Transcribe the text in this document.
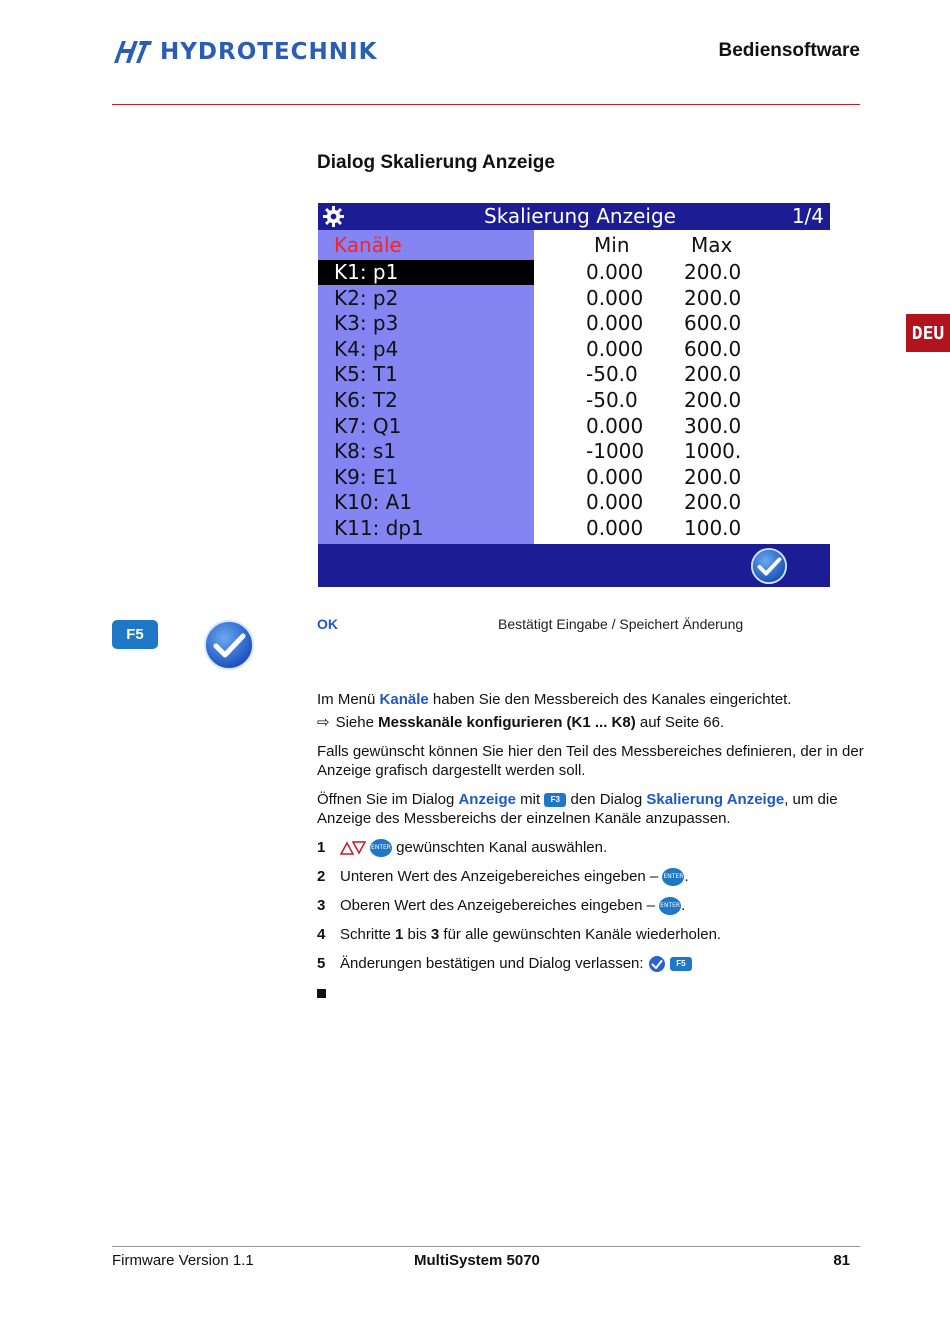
HYDROTECHNIK	Bediensoftware
DEU
Dialog Skalierung Anzeige
Skalierung Anzeige	1/4
Kanäle	Min	Max
K1: p1	0.000 200.0
K2: p2	0.000 200.0
K3: p3	0.000 600.0
K4: p4	0.000 600.0
K5: T1	-50.0	200.0
K6: T2	-50.0	200.0
K7: Q1	0.000 300.0
K8: s1	-1000 1000.
K9: E1	0.000 200.0
K10: A1	0.000 200.0
K11: dp1	0.000 100.0
F5
OK	Bestätigt Eingabe / Speichert Änderung

Im Menü Kanäle haben Sie den Messbereich des Kanales eingerichtet.

⇨ Siehe Messkanäle konfigurieren (K1 ... K8) auf Seite 66.

Falls gewünscht können Sie hier den Teil des Messbereiches definieren, der in der Anzeige grafisch dargestellt werden soll.

Öffnen Sie im Dialog Anzeige mit F3 den Dialog Skalierung Anzeige, um die Anzeige des Messbereichs der einzelnen Kanäle anzupassen.

1	ENTER gewünschten Kanal auswählen.
2 Unteren Wert des Anzeigebereiches eingeben – ENTER.
3 Oberen Wert des Anzeigebereiches eingeben – ENTER.
4 Schritte 1 bis 3 für alle gewünschten Kanäle wiederholen.
5 Änderungen bestätigen und Dialog verlassen:	F5
Firmware Version 1.1	MultiSystem 5070	81
